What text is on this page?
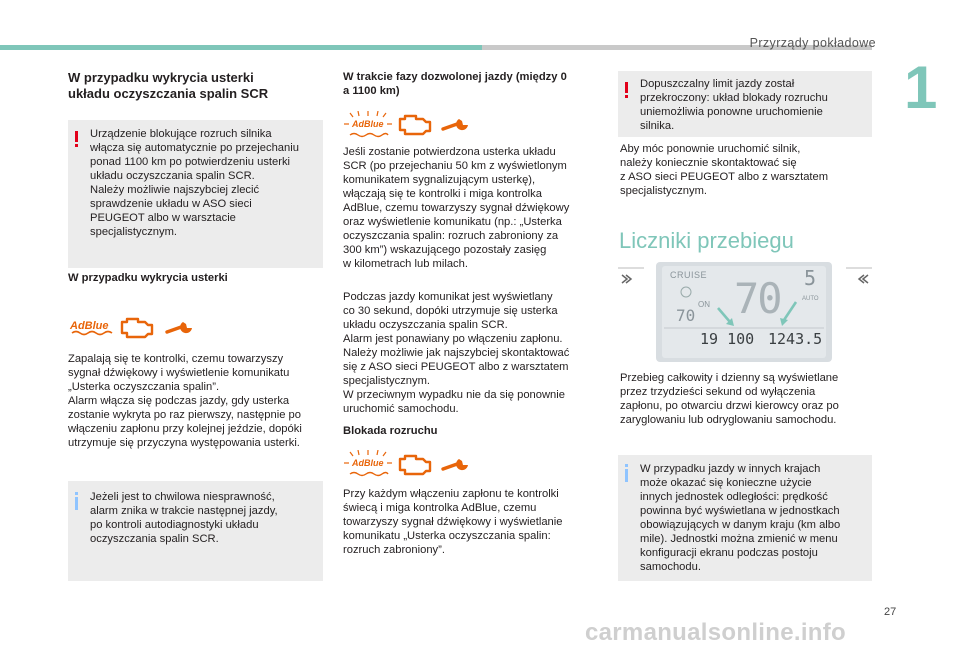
Przyrządy pokładowe
1
W przypadku wykrycia usterki
układu oczyszczania spalin SCR
Urządzenie blokujące rozruch silnika
włącza się automatycznie po przejechaniu
ponad 1100 km po potwierdzeniu usterki
układu oczyszczania spalin SCR.
Należy możliwie najszybciej zlecić
sprawdzenie układu w ASO sieci
PEUGEOT albo w warsztacie
specjalistycznym.
W przypadku wykrycia usterki
AdBlue
Zapalają się te kontrolki, czemu towarzyszy
sygnał dźwiękowy i wyświetlenie komunikatu
„Usterka oczyszczania spalin”.
Alarm włącza się podczas jazdy, gdy usterka
zostanie wykryta po raz pierwszy, następnie po
włączeniu zapłonu przy kolejnej jeździe, dopóki
utrzymuje się przyczyna występowania usterki.
Jeżeli jest to chwilowa niesprawność,
alarm znika w trakcie następnej jazdy,
po kontroli autodiagnostyki układu
oczyszczania spalin SCR.
W trakcie fazy dozwolonej jazdy (między 0
a 1100 km)
AdBlue
Jeśli zostanie potwierdzona usterka układu
SCR (po przejechaniu 50 km z wyświetlonym
komunikatem sygnalizującym usterkę),
włączają się te kontrolki i miga kontrolka
AdBlue, czemu towarzyszy sygnał dźwiękowy
oraz wyświetlenie komunikatu (np.: „Usterka
oczyszczania spalin: rozruch zabroniony za
300 km”) wskazującego pozostały zasięg
w kilometrach lub milach.
Podczas jazdy komunikat jest wyświetlany
co 30 sekund, dopóki utrzymuje się usterka
układu oczyszczania spalin SCR.
Alarm jest ponawiany po włączeniu zapłonu.
Należy możliwie jak najszybciej skontaktować
się z ASO sieci PEUGEOT albo z warsztatem
specjalistycznym.
W przeciwnym wypadku nie da się ponownie
uruchomić samochodu.
Blokada rozruchu
AdBlue
Przy każdym włączeniu zapłonu te kontrolki
świecą i miga kontrolka AdBlue, czemu
towarzyszy sygnał dźwiękowy i wyświetlanie
komunikatu „Usterka oczyszczania spalin:
rozruch zabroniony”.
Dopuszczalny limit jazdy został
przekroczony: układ blokady rozruchu
uniemożliwia ponowne uruchomienie
silnika.
Aby móc ponownie uruchomić silnik,
należy koniecznie skontaktować się
z ASO sieci PEUGEOT albo z warsztatem
specjalistycznym.
Liczniki przebiegu
CRUISE
ON
70 70 5
AUTO
19 100 1243.5
Przebieg całkowity i dzienny są wyświetlane
przez trzydzieści sekund od wyłączenia
zapłonu, po otwarciu drzwi kierowcy oraz po
zaryglowaniu lub odryglowaniu samochodu.
W przypadku jazdy w innych krajach
może okazać się konieczne użycie
innych jednostek odległości: prędkość
powinna być wyświetlana w jednostkach
obowiązujących w danym kraju (km albo
mile). Jednostki można zmienić w menu
konfiguracji ekranu podczas postoju
samochodu.
27
carmanualsonline.info
